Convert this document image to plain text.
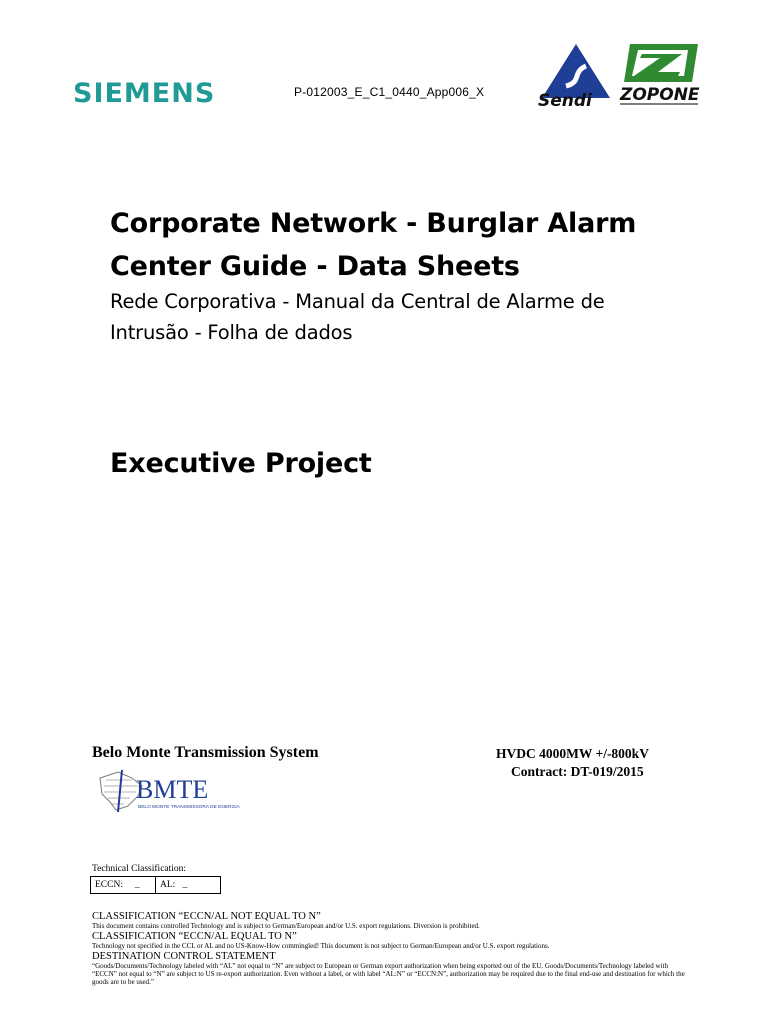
SIEMENS	P-012003_E_C1_0440_App006_X	Sendi ZOPONE
Corporate Network - Burglar Alarm
Center Guide - Data Sheets
Rede Corporativa - Manual da Central de Alarme de
Intrusão - Folha de dados
Executive Project
Belo Monte Transmission System	HVDC 4000MW +/-800kV
Contract: DT-019/2015
BMTE
BELO MONTE TRANSMISSORA DE ENERGIA
Technical Classification:
ECCN: _	AL: _
CLASSIFICATION “ECCN/AL NOT EQUAL TO N”
This document contains controlled Technology and is subject to German/European and/or U.S. export regulations. Diversion is prohibited.
CLASSIFICATION “ECCN/AL EQUAL TO N”
Technology not specified in the CCL or AL and no US-Know-How commingled! This document is not subject to German/European and/or U.S. export regulations.
DESTINATION CONTROL STATEMENT
“Goods/Documents/Technology labeled with “AL” not equal to “N” are subject to European or German export authorization when being exported out of the EU. Goods/Documents/Technology labeled with “ECCN” not equal to “N” are subject to US re-export authorization. Even without a label, or with label “AL:N” or “ECCN:N”, authorization may be required due to the final end-use and destination for which the goods are to be used.”
